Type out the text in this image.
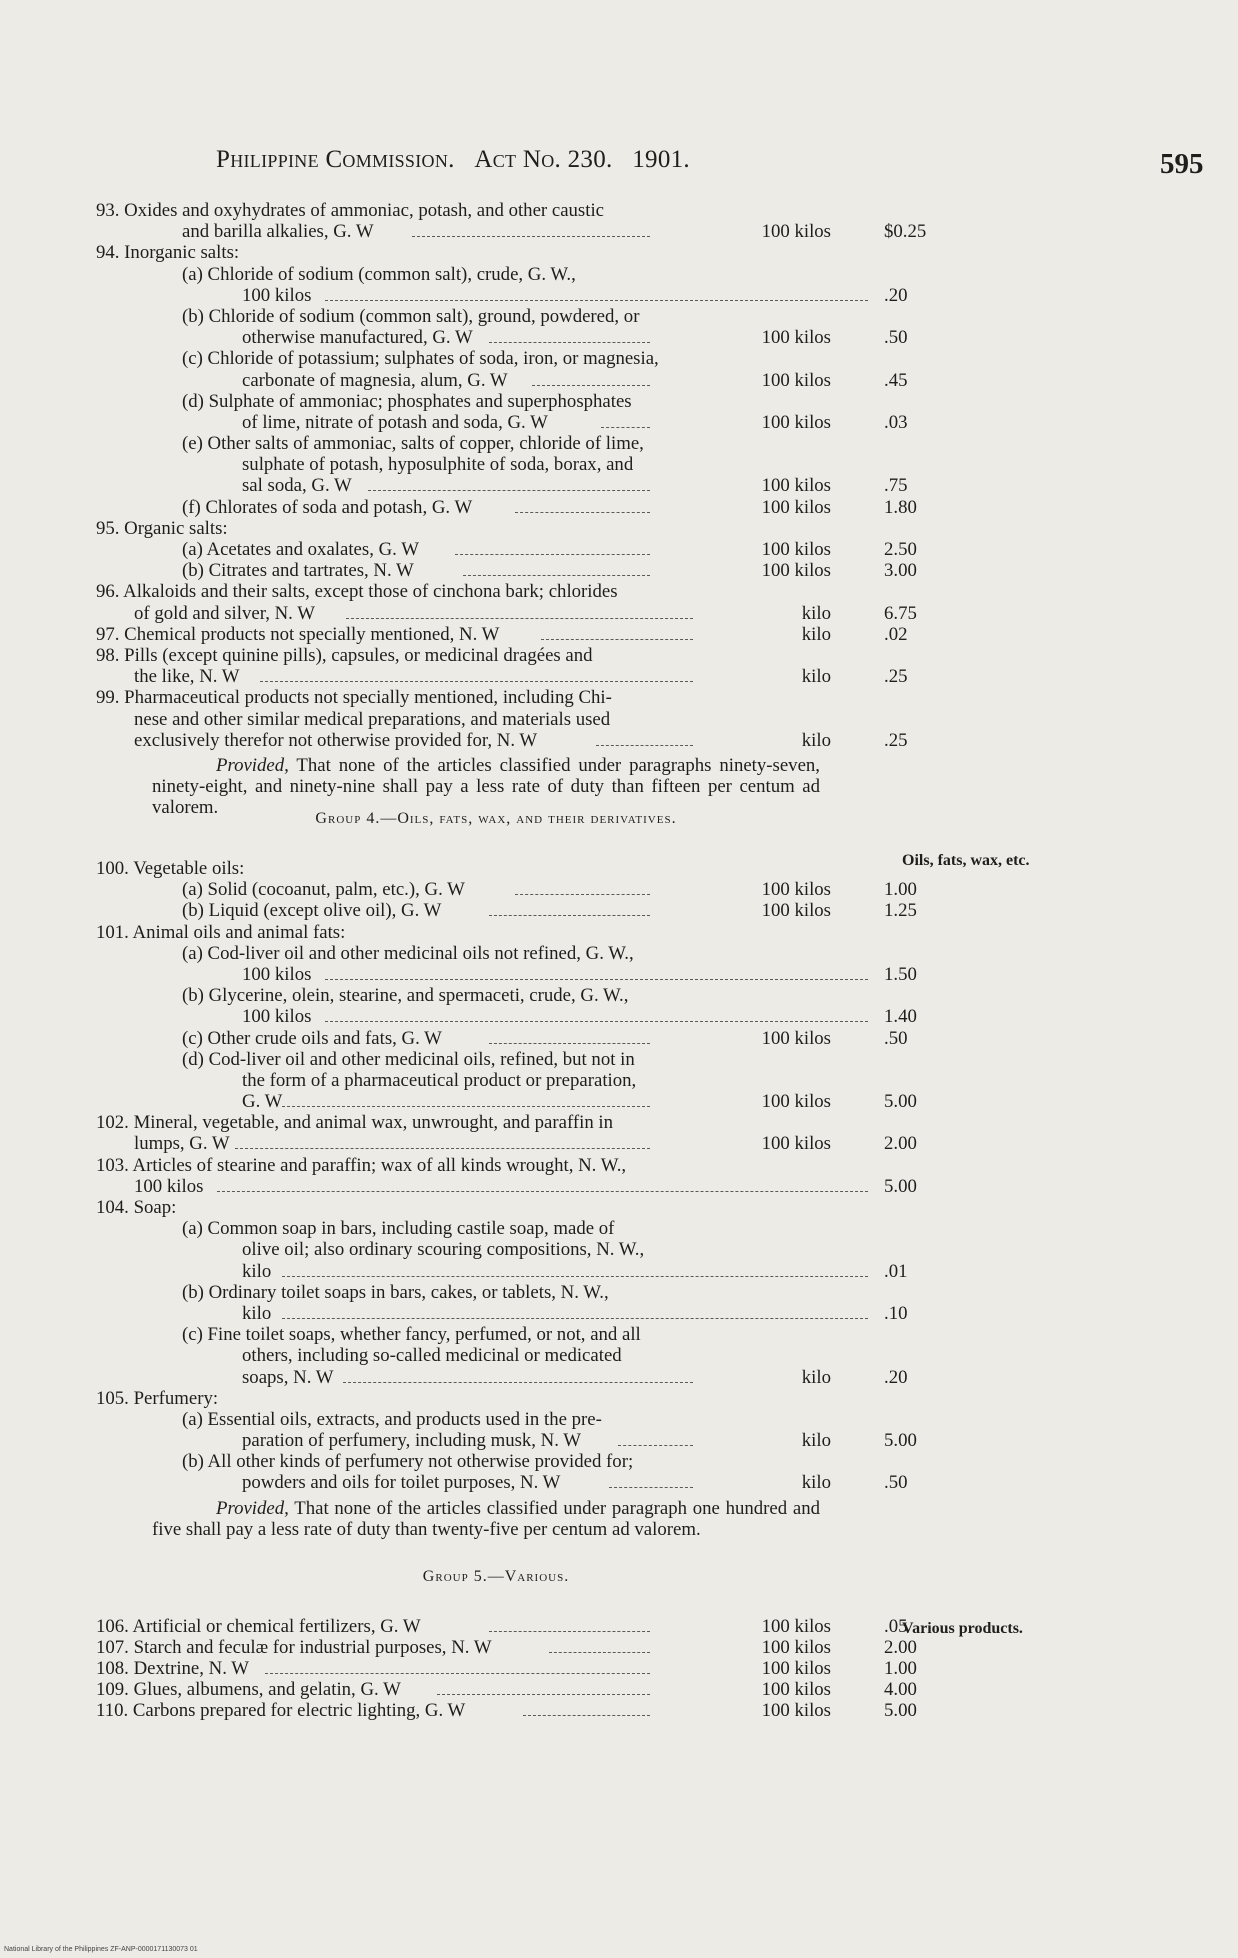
Philippine Commission. Act No. 230. 1901.	595
93. Oxides and oxyhydrates of ammoniac, potash, and other caustic
and barilla alkalies, G. W	100 kilos	$0.25
94. Inorganic salts:
(a) Chloride of sodium (common salt), crude, G. W.,
100 kilos	.20
(b) Chloride of sodium (common salt), ground, powdered, or
otherwise manufactured, G. W	100 kilos	.50
(c) Chloride of potassium; sulphates of soda, iron, or magnesia,
carbonate of magnesia, alum, G. W	100 kilos	.45
(d) Sulphate of ammoniac; phosphates and superphosphates
of lime, nitrate of potash and soda, G. W	100 kilos	.03
(e) Other salts of ammoniac, salts of copper, chloride of lime,
sulphate of potash, hyposulphite of soda, borax, and
sal soda, G. W	100 kilos	.75
(f) Chlorates of soda and potash, G. W	100 kilos	1.80
95. Organic salts:
(a) Acetates and oxalates, G. W	100 kilos	2.50
(b) Citrates and tartrates, N. W	100 kilos	3.00
96. Alkaloids and their salts, except those of cinchona bark; chlorides
of gold and silver, N. W	kilo	6.75
97. Chemical products not specially mentioned, N. W	kilo	.02
98. Pills (except quinine pills), capsules, or medicinal dragées and
the like, N. W	kilo	.25
99. Pharmaceutical products not specially mentioned, including Chi-
nese and other similar medical preparations, and materials used
exclusively therefor not otherwise provided for, N. W	kilo	.25
Provided, That none of the articles classified under paragraphs ninety-seven, ninety-eight, and ninety-nine shall pay a less rate of duty than fifteen per centum ad valorem.
Group 4.—Oils, fats, wax, and their derivatives.
100. Vegetable oils:
(a) Solid (cocoanut, palm, etc.), G. W	100 kilos	1.00
(b) Liquid (except olive oil), G. W	100 kilos	1.25
101. Animal oils and animal fats:
(a) Cod-liver oil and other medicinal oils not refined, G. W.,
100 kilos	1.50
(b) Glycerine, olein, stearine, and spermaceti, crude, G. W.,
100 kilos	1.40
(c) Other crude oils and fats, G. W	100 kilos	.50
(d) Cod-liver oil and other medicinal oils, refined, but not in
the form of a pharmaceutical product or preparation,
G. W	100 kilos	5.00
102. Mineral, vegetable, and animal wax, unwrought, and paraffin in
lumps, G. W	100 kilos	2.00
103. Articles of stearine and paraffin; wax of all kinds wrought, N. W.,
100 kilos	5.00
104. Soap:
(a) Common soap in bars, including castile soap, made of
olive oil; also ordinary scouring compositions, N. W.,
kilo	.01
(b) Ordinary toilet soaps in bars, cakes, or tablets, N. W.,
kilo	.10
(c) Fine toilet soaps, whether fancy, perfumed, or not, and all
others, including so-called medicinal or medicated
soaps, N. W	kilo	.20
105. Perfumery:
(a) Essential oils, extracts, and products used in the pre-
paration of perfumery, including musk, N. W	kilo	5.00
(b) All other kinds of perfumery not otherwise provided for;
powders and oils for toilet purposes, N. W	kilo	.50
Provided, That none of the articles classified under paragraph one hundred and five shall pay a less rate of duty than twenty-five per centum ad valorem.
Group 5.—Various.
106. Artificial or chemical fertilizers, G. W	100 kilos	.05
107. Starch and feculæ for industrial purposes, N. W	100 kilos	2.00
108. Dextrine, N. W	100 kilos	1.00
109. Glues, albumens, and gelatin, G. W	100 kilos	4.00
110. Carbons prepared for electric lighting, G. W	100 kilos	5.00
Oils, fats, wax, etc.
Various products.
National Library of the Philippines ZF-ANP-0000171130073 01
